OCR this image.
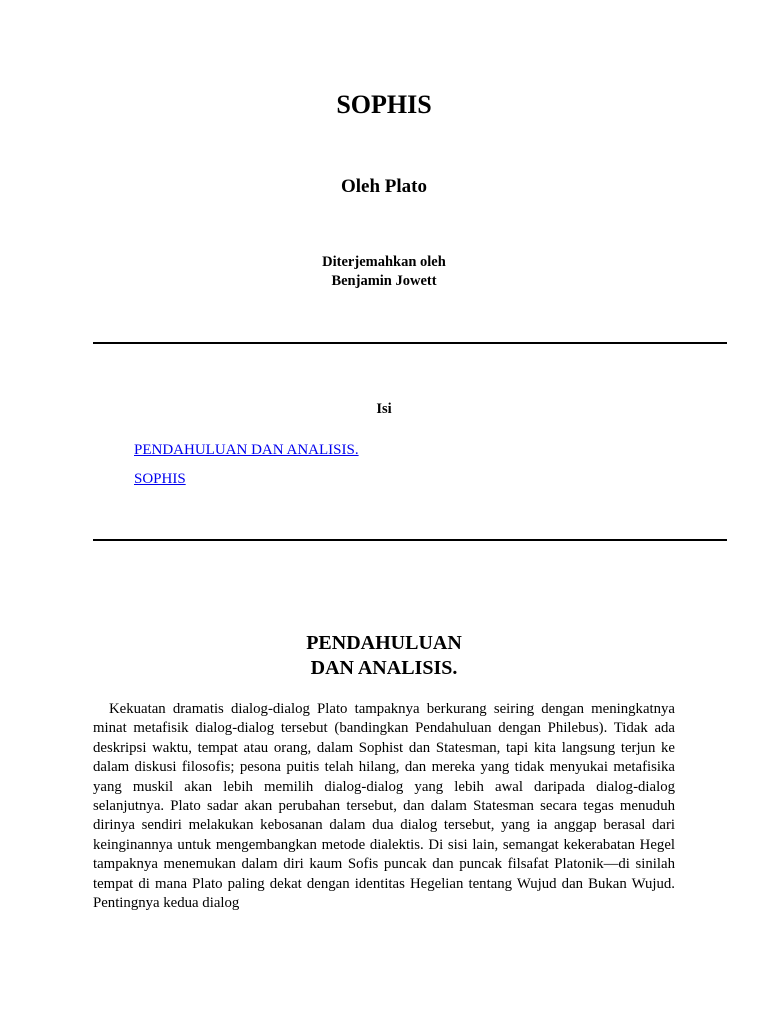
SOPHIS
Oleh Plato
Diterjemahkan oleh
Benjamin Jowett
Isi
PENDAHULUAN DAN ANALISIS.
SOPHIS
PENDAHULUAN
DAN ANALISIS.

Kekuatan dramatis dialog-dialog Plato tampaknya berkurang seiring dengan meningkatnya minat metafisik dialog-dialog tersebut (bandingkan Pendahuluan dengan Philebus). Tidak ada deskripsi waktu, tempat atau orang, dalam Sophist dan Statesman, tapi kita langsung terjun ke dalam diskusi filosofis; pesona puitis telah hilang, dan mereka yang tidak menyukai metafisika yang muskil akan lebih memilih dialog-dialog yang lebih awal daripada dialog-dialog selanjutnya. Plato sadar akan perubahan tersebut, dan dalam Statesman secara tegas menuduh dirinya sendiri melakukan kebosanan dalam dua dialog tersebut, yang ia anggap berasal dari keinginannya untuk mengembangkan metode dialektis. Di sisi lain, semangat kekerabatan Hegel tampaknya menemukan dalam diri kaum Sofis puncak dan puncak filsafat Platonik—di sinilah tempat di mana Plato paling dekat dengan identitas Hegelian tentang Wujud dan Bukan Wujud. Pentingnya kedua dialog
